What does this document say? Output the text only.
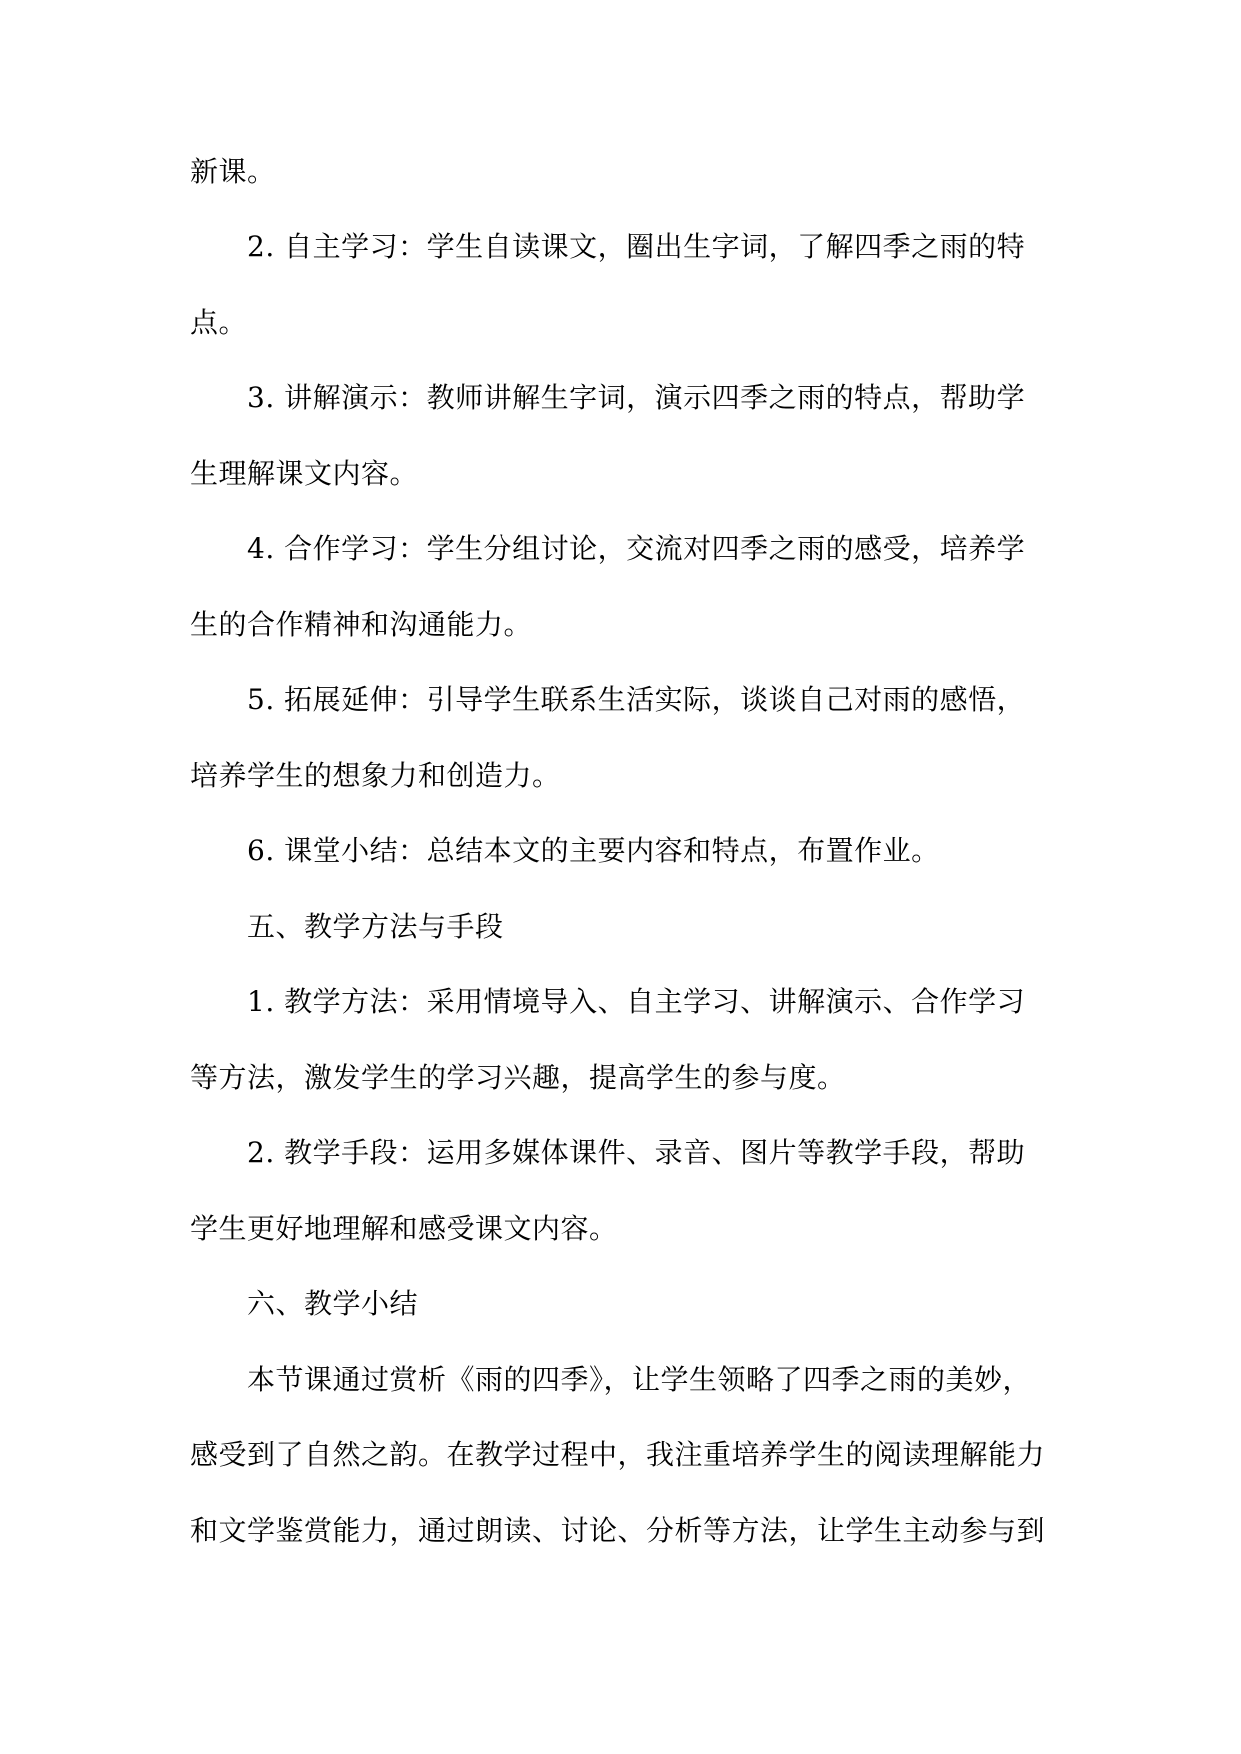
新课。
2. 自主学习：学生自读课文，圈出生字词，了解四季之雨的特
点。
3. 讲解演示：教师讲解生字词，演示四季之雨的特点，帮助学
生理解课文内容。
4. 合作学习：学生分组讨论，交流对四季之雨的感受，培养学
生的合作精神和沟通能力。
5. 拓展延伸：引导学生联系生活实际，谈谈自己对雨的感悟，
培养学生的想象力和创造力。
6. 课堂小结：总结本文的主要内容和特点，布置作业。
五、教学方法与手段
1. 教学方法：采用情境导入、自主学习、讲解演示、合作学习
等方法，激发学生的学习兴趣，提高学生的参与度。
2. 教学手段：运用多媒体课件、录音、图片等教学手段，帮助
学生更好地理解和感受课文内容。
六、教学小结
本节课通过赏析《雨的四季》，让学生领略了四季之雨的美妙，
感受到了自然之韵。在教学过程中，我注重培养学生的阅读理解能力
和文学鉴赏能力，通过朗读、讨论、分析等方法，让学生主动参与到
